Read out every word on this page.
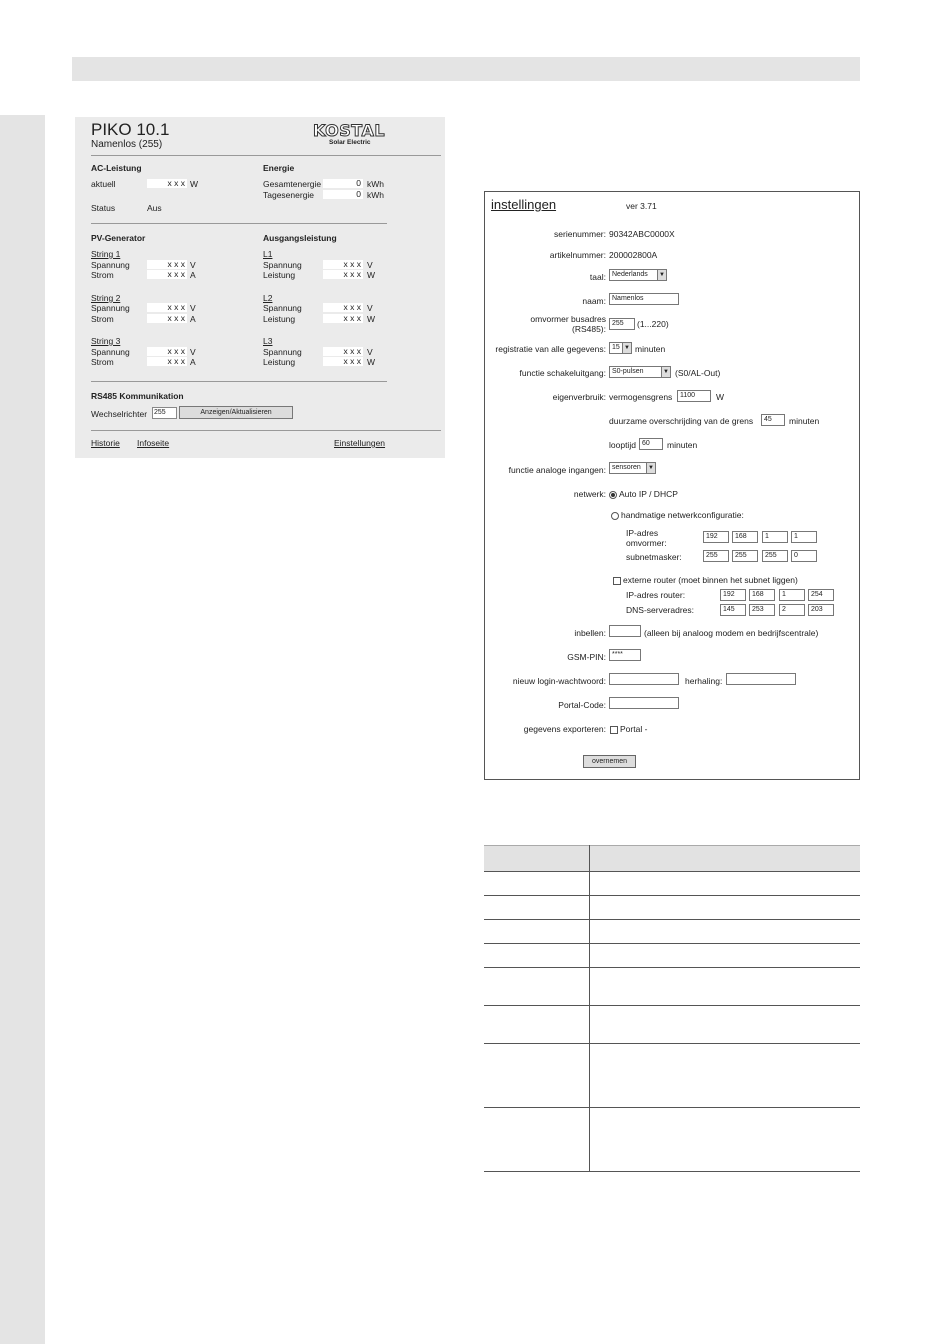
PIKO 10.1
Namenlos (255)
KOSTAL
Solar Electric
AC-Leistung
aktuell	x x x W
Status	Aus
Energie
Gesamtenergie	0 kWh
Tagesenergie	0 kWh
PV-Generator	Ausgangsleistung
String 1
Spannung	x x x V
Strom	x x x A
L1
Spannung	x x x V
Leistung	x x x W
String 2
Spannung	x x x V
Strom	x x x A
L2
Spannung	x x x V
Leistung	x x x W
String 3
Spannung	x x x V
Strom	x x x A
L3
Spannung	x x x V
Leistung	x x x W
RS485 Kommunikation
Wechselrichter 255	Anzeigen/Aktualisieren
Historie Infoseite	Einstellungen
instellingen	ver 3.71
serienummer: 90342ABC0000X
artikelnummer: 200002800A
taal: Nederlands	▼
naam: Namenlos
omvormer busadres
(RS485):
255	(1...220)
registratie van alle gegevens: 15 ▼ minuten
functie schakeluitgang: S0-pulsen	▼ (S0/AL-Out)
eigenverbruik: vermogensgrens	1100	W
duurzame overschrijding van de grens	45	minuten
looptijd 60	minuten
functie analoge ingangen: sensoren	▼
netwerk:	Auto IP / DHCP
handmatige netwerkconfiguratie:
IP-adres
omvormer:
192	168	1	1
subnetmasker:	255	255	255	0
externe router (moet binnen het subnet liggen)
IP-adres router:	192	168	1	254
DNS-serveradres:	145	253	2	203
inbellen:	(alleen bij analoog modem en bedrijfscentrale)
GSM-PIN: ****
nieuw login-wachtwoord:	herhaling:
Portal-Code:
gegevens exporteren:	Portal -
overnemen
